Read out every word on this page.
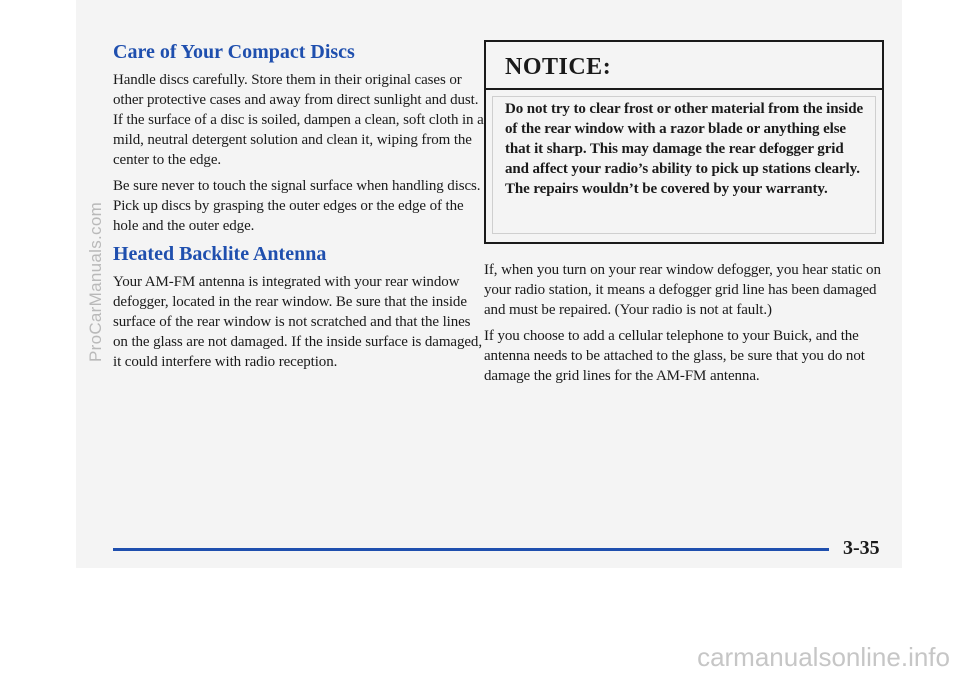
Care of Your Compact Discs

Handle discs carefully. Store them in their original cases or other protective cases and away from direct sunlight and dust. If the surface of a disc is soiled, dampen a clean, soft cloth in a mild, neutral detergent solution and clean it, wiping from the center to the edge.

Be sure never to touch the signal surface when handling discs. Pick up discs by grasping the outer edges or the edge of the hole and the outer edge.

Heated Backlite Antenna

Your AM-FM antenna is integrated with your rear window defogger, located in the rear window. Be sure that the inside surface of the rear window is not scratched and that the lines on the glass are not damaged. If the inside surface is damaged, it could interfere with radio reception.

NOTICE:

Do not try to clear frost or other material from the inside of the rear window with a razor blade or anything else that it sharp. This may damage the rear defogger grid and affect your radio’s ability to pick up stations clearly. The repairs wouldn’t be covered by your warranty.

If, when you turn on your rear window defogger, you hear static on your radio station, it means a defogger grid line has been damaged and must be repaired. (Your radio is not at fault.)

If you choose to add a cellular telephone to your Buick, and the antenna needs to be attached to the glass, be sure that you do not damage the grid lines for the AM-FM antenna.

3-35
ProCarManuals.com
carmanualsonline.info
